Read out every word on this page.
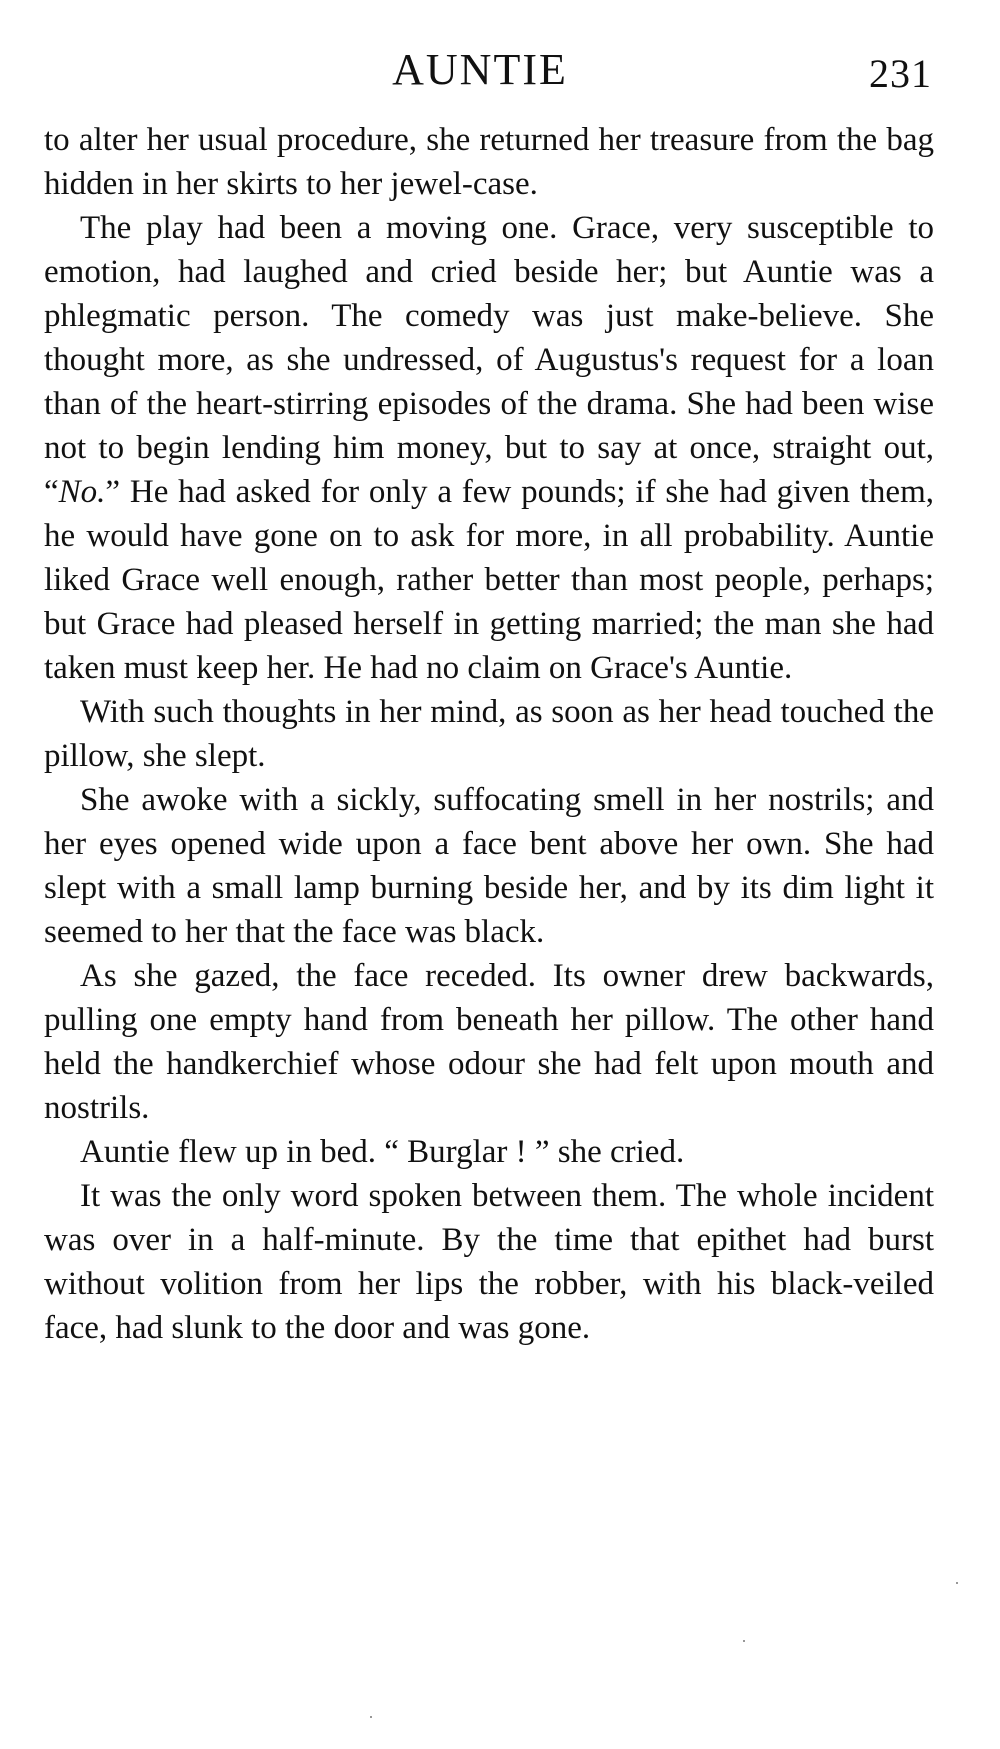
AUNTIE	231

to alter her usual procedure, she returned her treasure from the bag hidden in her skirts to her jewel-case.

The play had been a moving one. Grace, very susceptible to emotion, had laughed and cried beside her; but Auntie was a phlegmatic person. The comedy was just make-believe. She thought more, as she undressed, of Augustus's request for a loan than of the heart-stirring episodes of the drama. She had been wise not to begin lending him money, but to say at once, straight out, “No.” He had asked for only a few pounds; if she had given them, he would have gone on to ask for more, in all probability. Auntie liked Grace well enough, rather better than most people, perhaps; but Grace had pleased herself in getting married; the man she had taken must keep her. He had no claim on Grace's Auntie.

With such thoughts in her mind, as soon as her head touched the pillow, she slept.

She awoke with a sickly, suffocating smell in her nostrils; and her eyes opened wide upon a face bent above her own. She had slept with a small lamp burning beside her, and by its dim light it seemed to her that the face was black.

As she gazed, the face receded. Its owner drew backwards, pulling one empty hand from beneath her pillow. The other hand held the handkerchief whose odour she had felt upon mouth and nostrils.

Auntie flew up in bed. “ Burglar ! ” she cried.

It was the only word spoken between them. The whole incident was over in a half-minute. By the time that epithet had burst without volition from her lips the robber, with his black-veiled face, had slunk to the door and was gone.
